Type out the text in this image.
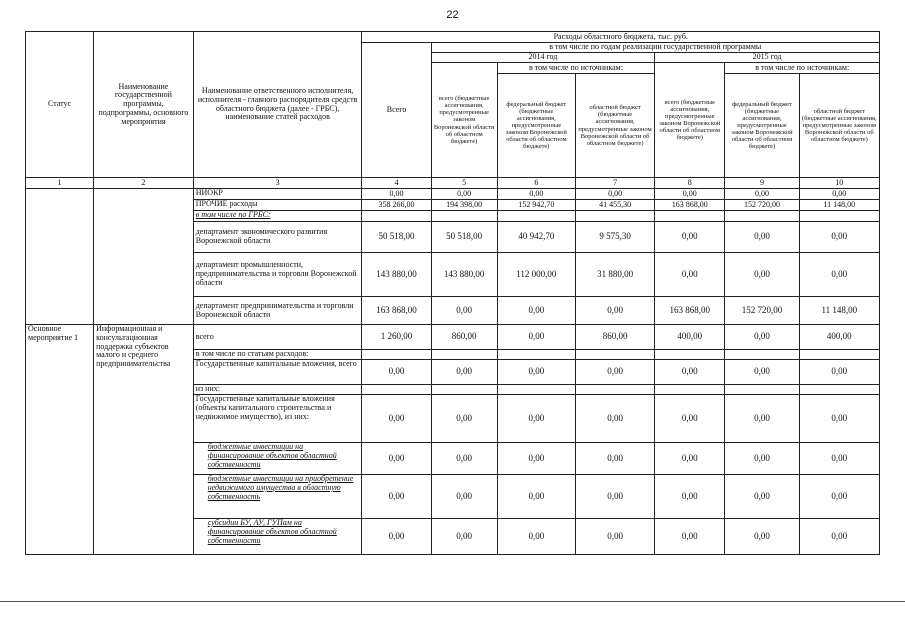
22
Статус	Наименование государственной программы, подпрограммы, основного мероприятия	Наименование ответственного исполнителя, исполнителя - главного распорядителя средств областного бюджета (далее - ГРБС), наименование статей расходов	Расходы областного бюджета, тыс. руб.						
			Всего	в том числе по годам реализации государственной программы					
				2014 год			2015 год		
				всего (бюджетные ассигнования, предусмотренные законом Воронежской области об областном бюджете)	в том числе по источникам:		всего (бюджетные ассигнования, предусмотренные законом Воронежской области об областном бюджете)	в том числе по источникам:	
					федеральный бюджет (бюджетные ассигнования, предусмотренные законом Воронежской области об областном бюджете)	областной бюджет (бюджетные ассигнования, предусмотренные законом Воронежской области об областном бюджете)		федеральный бюджет (бюджетные ассигнования, предусмотренные законом Воронежской области об областном бюджете)	областной бюджет (бюджетные ассигнования, предусмотренные законом Воронежской области об областном бюджете)
1	2	3	4	5	6	7	8	9	10
		НИОКР	0,00	0,00	0,00	0,00	0,00	0,00	0,00
		ПРОЧИЕ расходы	358 266,00	194 398,00	152 942,70	41 455,30	163 868,00	152 720,00	11 148,00
		в том числе по ГРБС:							
		департамент экономического развития Воронежской области	50 518,00	50 518,00	40 942,70	9 575,30	0,00	0,00	0,00
		департамент промышленности, предпринимательства и торговли Воронежской области	143 880,00	143 880,00	112 000,00	31 880,00	0,00	0,00	0,00
		департамент предпринимательства и торговли Воронежской области	163 868,00	0,00	0,00	0,00	163 868,00	152 720,00	11 148,00
Основное мероприятие 1	Информационная и консультационная поддержка субъектов малого и среднего предпринимательства	всего	1 260,00	860,00	0,00	860,00	400,00	0,00	400,00
		в том числе по статьям расходов:							
		Государственные капитальные вложения, всего	0,00	0,00	0,00	0,00	0,00	0,00	0,00
		из них:							
		Государственные капитальные вложения (объекты капитального строительства и недвижимое имущество), из них:	0,00	0,00	0,00	0,00	0,00	0,00	0,00
		бюджетные инвестиции на финансирование объектов областной собственности	0,00	0,00	0,00	0,00	0,00	0,00	0,00
		бюджетные инвестиции на приобретение недвижимого имущества в областную собственность	0,00	0,00	0,00	0,00	0,00	0,00	0,00
		субсидии БУ, АУ, ГУПам на финансирование объектов областной собственности	0,00	0,00	0,00	0,00	0,00	0,00	0,00
